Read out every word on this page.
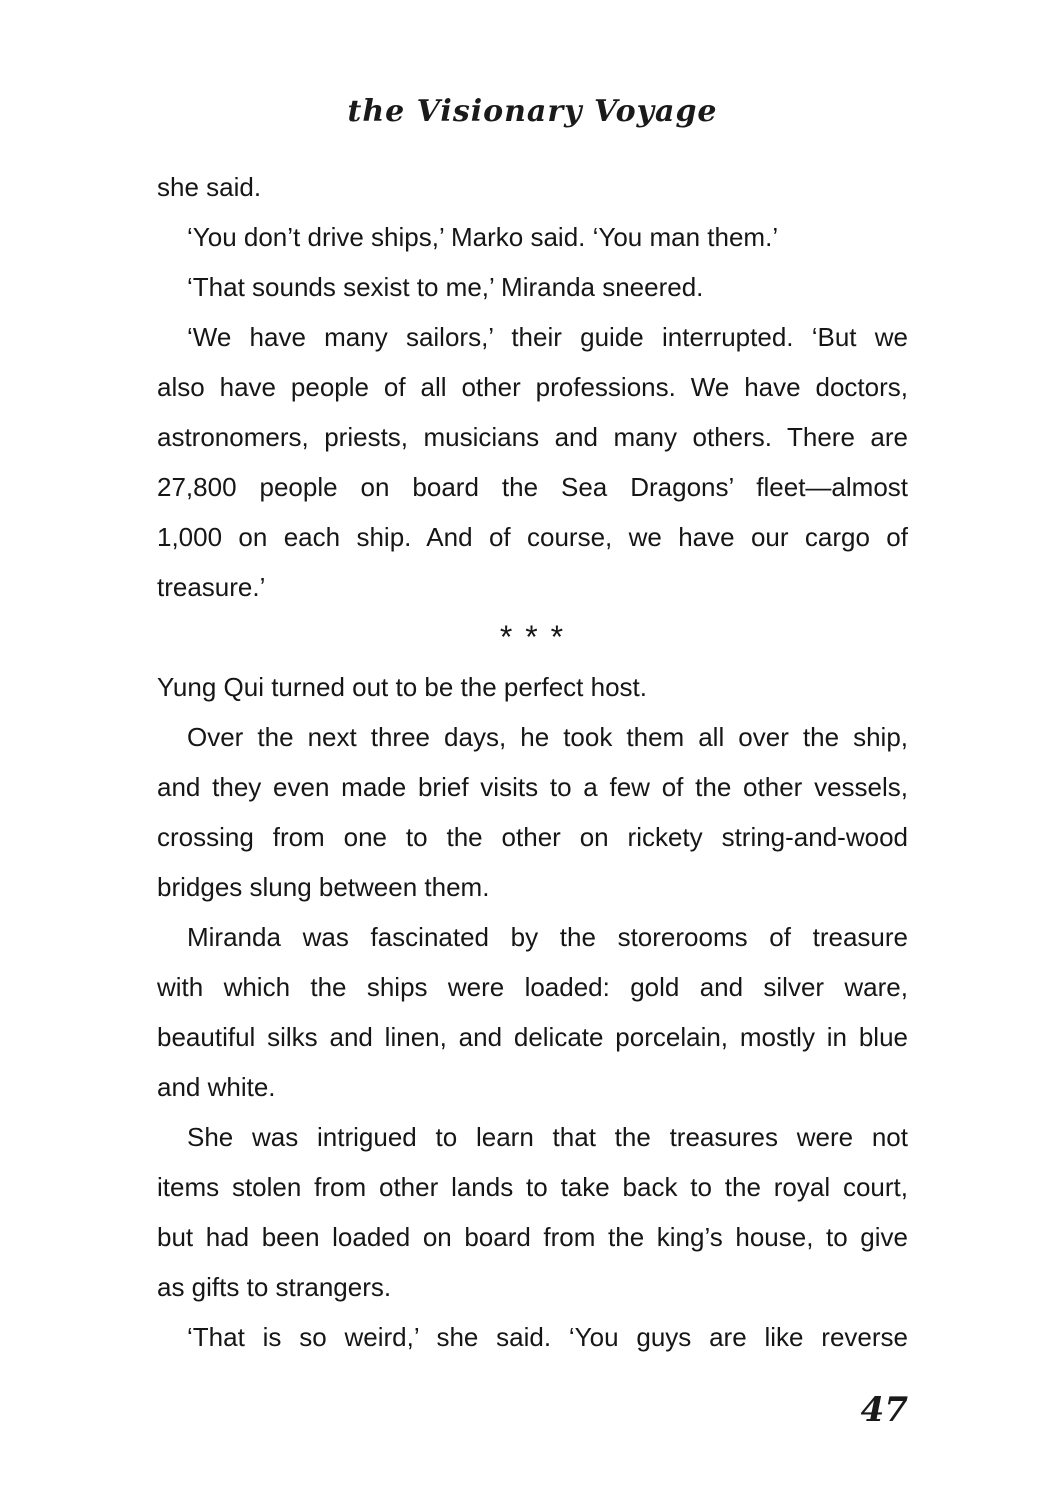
the Visionary Voyage
she said.
‘You don’t drive ships,’ Marko said. ‘You man them.’
‘That sounds sexist to me,’ Miranda sneered.
‘We have many sailors,’ their guide interrupted. ‘But we
also have people of all other professions. We have doctors,
astronomers, priests, musicians and many others. There are
27,800 people on board the Sea Dragons’ fleet—almost
1,000 on each ship. And of course, we have our cargo of
treasure.’
* * *
Yung Qui turned out to be the perfect host.
Over the next three days, he took them all over the ship,
and they even made brief visits to a few of the other vessels,
crossing from one to the other on rickety string-and-wood
bridges slung between them.
Miranda was fascinated by the storerooms of treasure
with which the ships were loaded: gold and silver ware,
beautiful silks and linen, and delicate porcelain, mostly in blue
and white.
She was intrigued to learn that the treasures were not
items stolen from other lands to take back to the royal court,
but had been loaded on board from the king’s house, to give
as gifts to strangers.
‘That is so weird,’ she said. ‘You guys are like reverse
47
